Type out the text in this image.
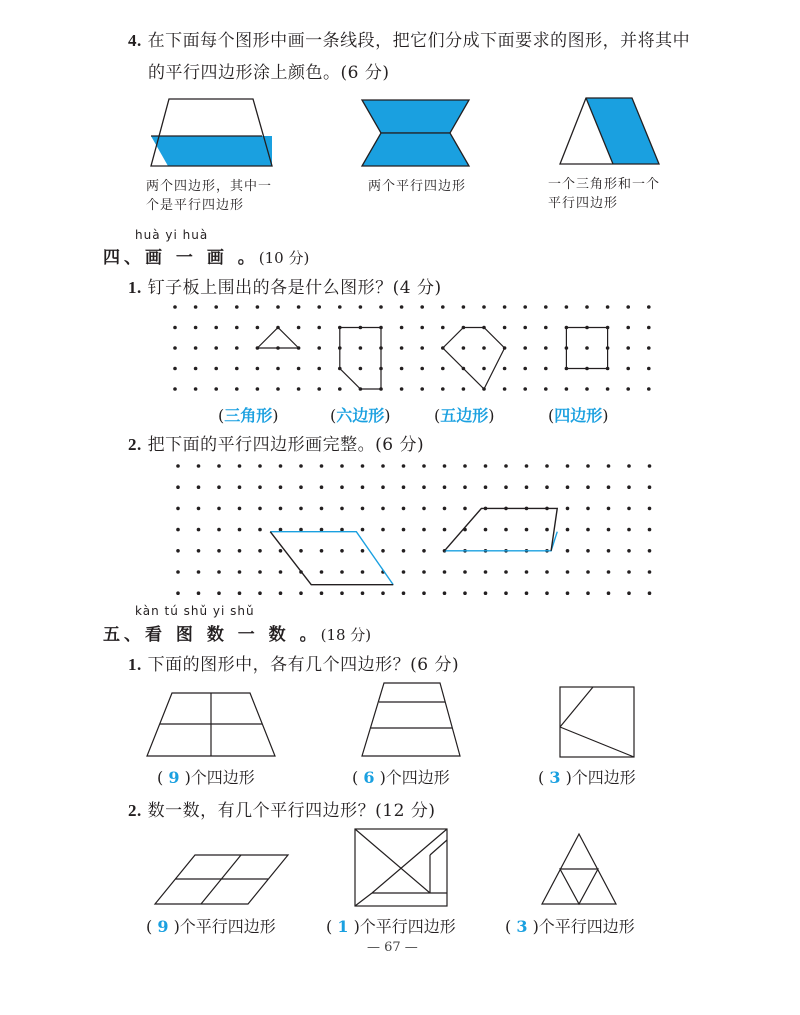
4. 在下面每个图形中画一条线段，把它们分成下面要求的图形，并将其中
的平行四边形涂上颜色。(6 分)
两个四边形，其中一
个是平行四边形
两个平行四边形	一个三角形和一个
平行四边形
huà yi huà
四、画 一 画 。(10 分)
1. 钉子板上围出的各是什么图形？(4 分)
(三角形)	(六边形)	(五边形)	(四边形)
2. 把下面的平行四边形画完整。(6 分)
kàn tú shǔ yi shǔ
五、看 图 数 一 数 。(18 分)
1. 下面的图形中，各有几个四边形？(6 分)
( 9 )个四边形	( 6 )个四边形	( 3 )个四边形
2. 数一数，有几个平行四边形？(12 分)
( 9 )个平行四边形	( 1 )个平行四边形	( 3 )个平行四边形
— 67 —
